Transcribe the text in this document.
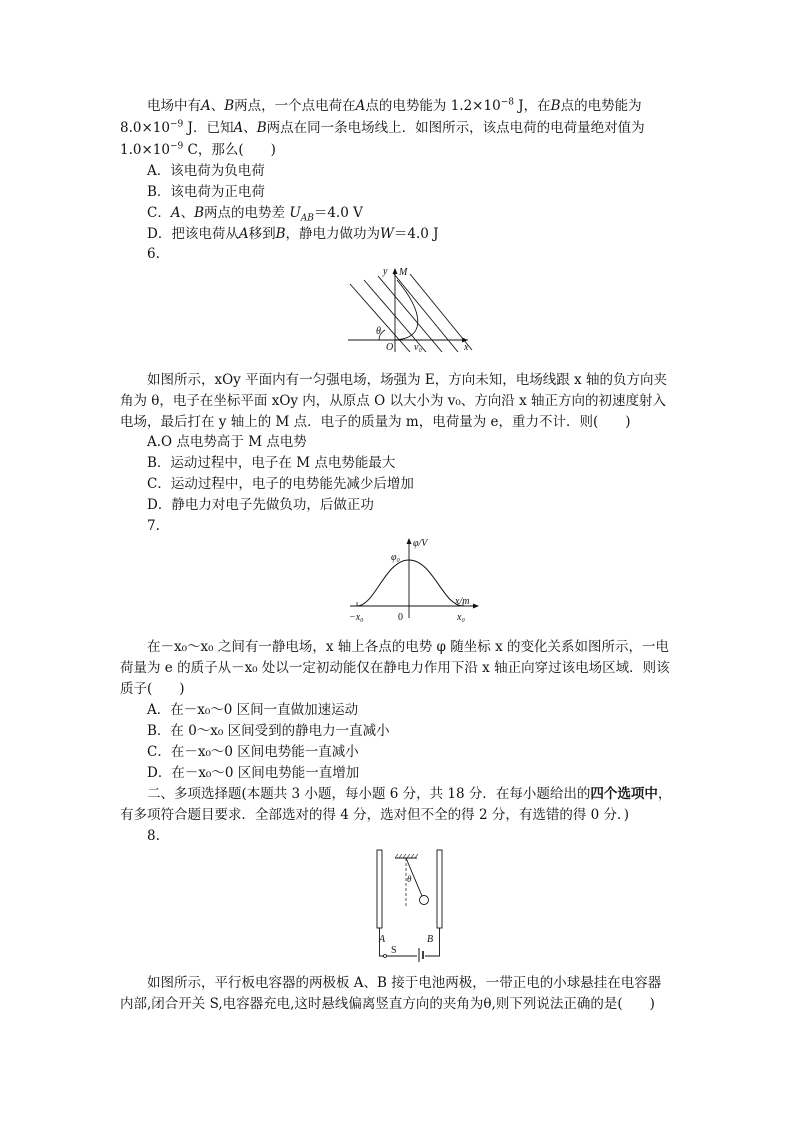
电场中有A、B两点，一个点电荷在A点的电势能为 $1.2\times 10^{-8}$ J，在B点的电势能为
$8.0\times 10^{-9}$ J．已知A、B两点在同一条电场线上．如图所示，该点电荷的电荷量绝对值为
$1.0\times 10^{-9}$ C，那么(　　)
A．该电荷为负电荷
B．该电荷为正电荷
C．A、B两点的电势差 $U_{AB}=4.0$ V
D．把该电荷从A移到B，静电力做功为W＝4.0 J
6.
y M
θ
O v₀	x
如图所示，xOy 平面内有一匀强电场，场强为 E，方向未知，电场线跟 x 轴的负方向夹
角为 θ，电子在坐标平面 xOy 内，从原点 O 以大小为 v₀、方向沿 x 轴正方向的初速度射入
电场，最后打在 y 轴上的 M 点．电子的质量为 m，电荷量为 e，重力不计．则(　　)
A.O 点电势高于 M 点电势
B．运动过程中，电子在 M 点电势能最大
C．运动过程中，电子的电势能先减少后增加
D．静电力对电子先做负功，后做正功
7.
φ/V
φ₀
x/m
−x₀	0	x₀
在－x₀～x₀ 之间有一静电场，x 轴上各点的电势 φ 随坐标 x 的变化关系如图所示，一电
荷量为 e 的质子从－x₀ 处以一定初动能仅在静电力作用下沿 x 轴正向穿过该电场区域．则该
质子(　　)
A．在－x₀～0 区间一直做加速运动
B．在 0～x₀ 区间受到的静电力一直减小
C．在－x₀～0 区间电势能一直减小
D．在－x₀～0 区间电势能一直增加
二、多项选择题(本题共 3 小题，每小题 6 分，共 18 分．在每小题给出的四个选项中，
有多项符合题目要求．全部选对的得 4 分，选对但不全的得 2 分，有选错的得 0 分．)
8.
θ
A	B
S
如图所示，平行板电容器的两极板 A、B 接于电池两极，一带正电的小球悬挂在电容器
内部,闭合开关 S,电容器充电,这时悬线偏离竖直方向的夹角为θ,则下列说法正确的是(　　)
